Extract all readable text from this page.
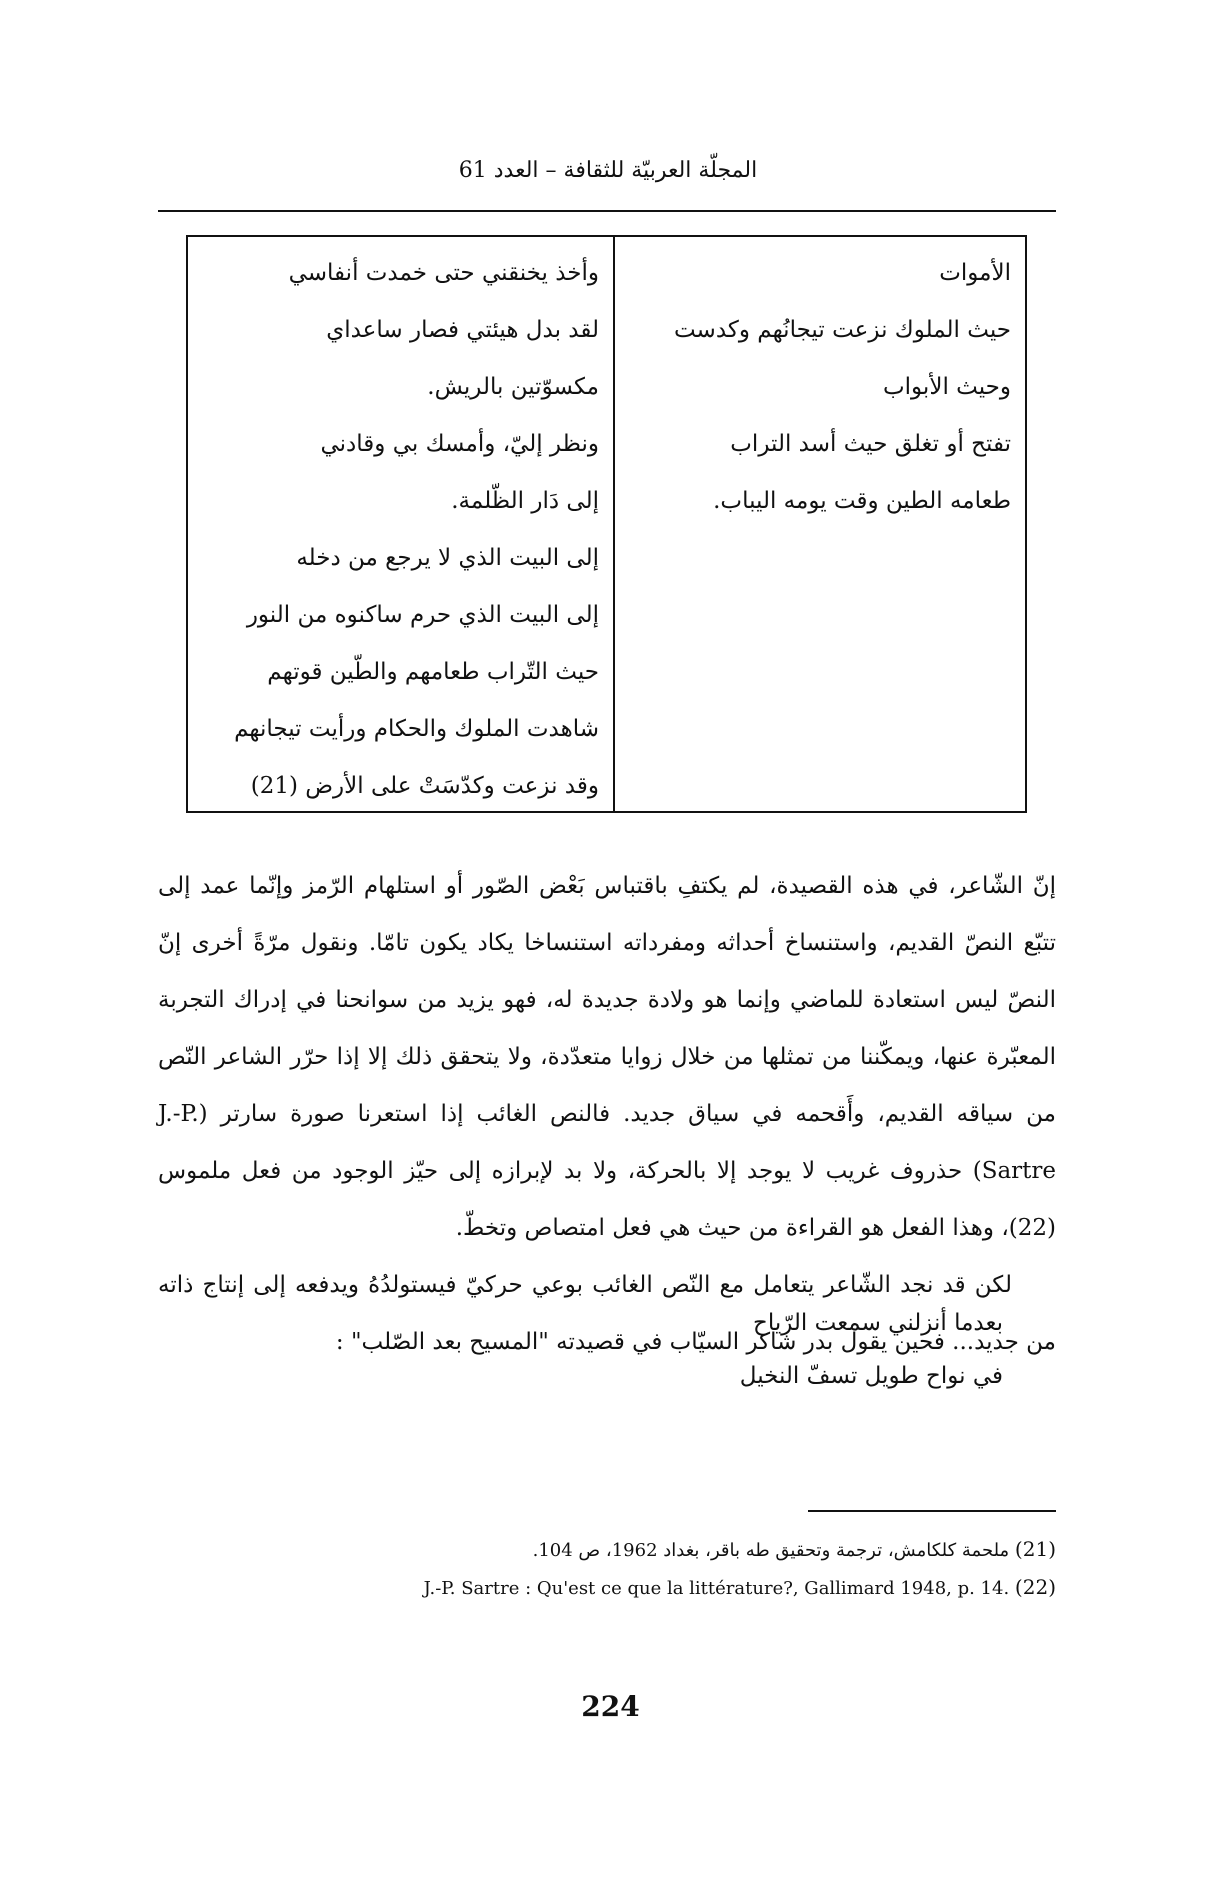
المجلّة العربيّة للثقافة – العدد 61
الأموات
حيث الملوك نزعت تيجانُهم وكدست
وحيث الأبواب
تفتح أو تغلق حيث أسد التراب
طعامه الطين وقت يومه اليباب.
وأخذ يخنقني حتى خمدت أنفاسي
لقد بدل هيئتي فصار ساعداي
مكسوّتين بالريش.
ونظر إليّ، وأمسك بي وقادني
إلى دَار الظّلمة.
إلى البيت الذي لا يرجع من دخله
إلى البيت الذي حرم ساكنوه من النور
حيث التّراب طعامهم والطّين قوتهم
شاهدت الملوك والحكام ورأيت تيجانهم
وقد نزعت وكدّسَتْ على الأرض (21)

إنّ الشّاعر، في هذه القصيدة، لم يكتفِ باقتباس بَعْض الصّور أو استلهام الرّمز وإنّما عمد إلى تتبّع النصّ القديم، واستنساخ أحداثه ومفرداته استنساخا يكاد يكون تامّا. ونقول مرّةً أخرى إنّ النصّ ليس استعادة للماضي وإنما هو ولادة جديدة له، فهو يزيد من سوانحنا في إدراك التجربة المعبّرة عنها، ويمكّننا من تمثلها من خلال زوايا متعدّدة، ولا يتحقق ذلك إلا إذا حرّر الشاعر النّص من سياقه القديم، وأَقحمه في سياق جديد. فالنص الغائب إذا استعرنا صورة سارتر (J.-P. Sartre) حذروف غريب لا يوجد إلا بالحركة، ولا بد لإبرازه إلى حيّز الوجود من فعل ملموس (22)، وهذا الفعل هو القراءة من حيث هي فعل امتصاص وتخطّ.

لكن قد نجد الشّاعر يتعامل مع النّص الغائب بوعي حركيّ فيستولدُهُ ويدفعه إلى إنتاج ذاته من جديد... فحين يقول بدر شاكر السيّاب في قصيدته "المسيح بعد الصّلب" :

بعدما أنزلني سمعت الرّياح
في نواح طويل تسفّ النخيل
(21) ملحمة كلكامش، ترجمة وتحقيق طه باقر، بغداد 1962، ص 104.
(22) J.-P. Sartre : Qu'est ce que la littérature?, Gallimard 1948, p. 14.
224
